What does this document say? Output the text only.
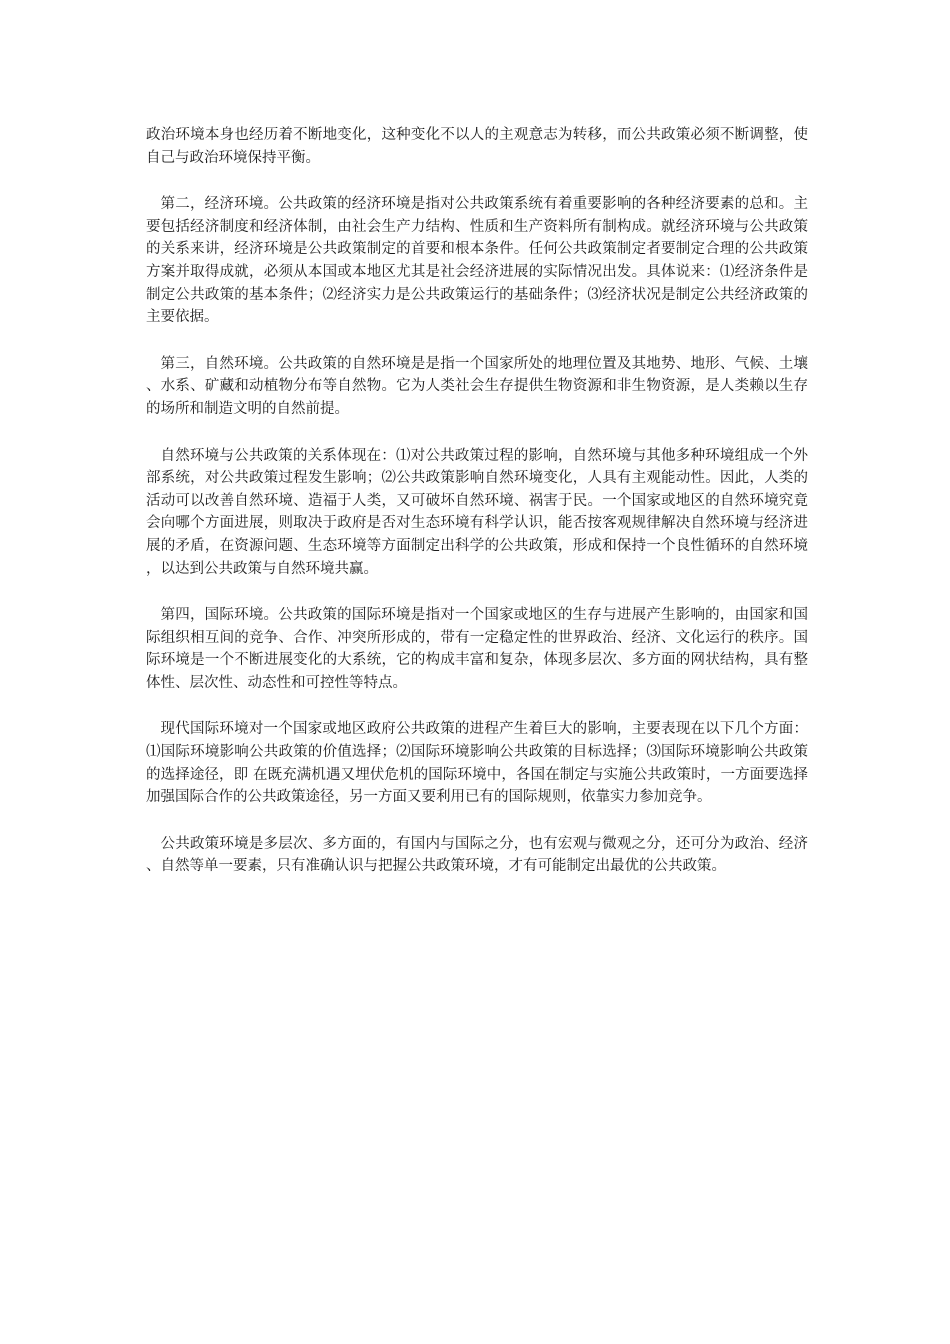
政治环境本身也经历着不断地变化，这种变化不以人的主观意志为转移，而公共政策必须不断调整，使自己与政治环境保持平衡。

第二，经济环境。公共政策的经济环境是指对公共政策系统有着重要影响的各种经济要素的总和。主要包括经济制度和经济体制，由社会生产力结构、性质和生产资料所有制构成。就经济环境与公共政策的关系来讲，经济环境是公共政策制定的首要和根本条件。任何公共政策制定者要制定合理的公共政策方案并取得成就，必须从本国或本地区尤其是社会经济进展的实际情况出发。具体说来：⑴经济条件是制定公共政策的基本条件；⑵经济实力是公共政策运行的基础条件；⑶经济状况是制定公共经济政策的主要依据。

第三，自然环境。公共政策的自然环境是是指一个国家所处的地理位置及其地势、地形、气候、土壤、水系、矿藏和动植物分布等自然物。它为人类社会生存提供生物资源和非生物资源，是人类赖以生存的场所和制造文明的自然前提。

自然环境与公共政策的关系体现在：⑴对公共政策过程的影响，自然环境与其他多种环境组成一个外部系统，对公共政策过程发生影响；⑵公共政策影响自然环境变化，人具有主观能动性。因此，人类的活动可以改善自然环境、造福于人类，又可破坏自然环境、祸害于民。一个国家或地区的自然环境究竟会向哪个方面进展，则取决于政府是否对生态环境有科学认识，能否按客观规律解决自然环境与经济进展的矛盾，在资源问题、生态环境等方面制定出科学的公共政策，形成和保持一个良性循环的自然环境，以达到公共政策与自然环境共赢。

第四，国际环境。公共政策的国际环境是指对一个国家或地区的生存与进展产生影响的，由国家和国际组织相互间的竞争、合作、冲突所形成的，带有一定稳定性的世界政治、经济、文化运行的秩序。国际环境是一个不断进展变化的大系统，它的构成丰富和复杂，体现多层次、多方面的网状结构，具有整体性、层次性、动态性和可控性等特点。

现代国际环境对一个国家或地区政府公共政策的进程产生着巨大的影响，主要表现在以下几个方面：⑴国际环境影响公共政策的价值选择；⑵国际环境影响公共政策的目标选择；⑶国际环境影响公共政策的选择途径，即 在既充满机遇又埋伏危机的国际环境中，各国在制定与实施公共政策时，一方面要选择加强国际合作的公共政策途径，另一方面又要利用已有的国际规则，依靠实力参加竞争。

公共政策环境是多层次、多方面的，有国内与国际之分，也有宏观与微观之分，还可分为政治、经济、自然等单一要素，只有准确认识与把握公共政策环境，才有可能制定出最优的公共政策。
